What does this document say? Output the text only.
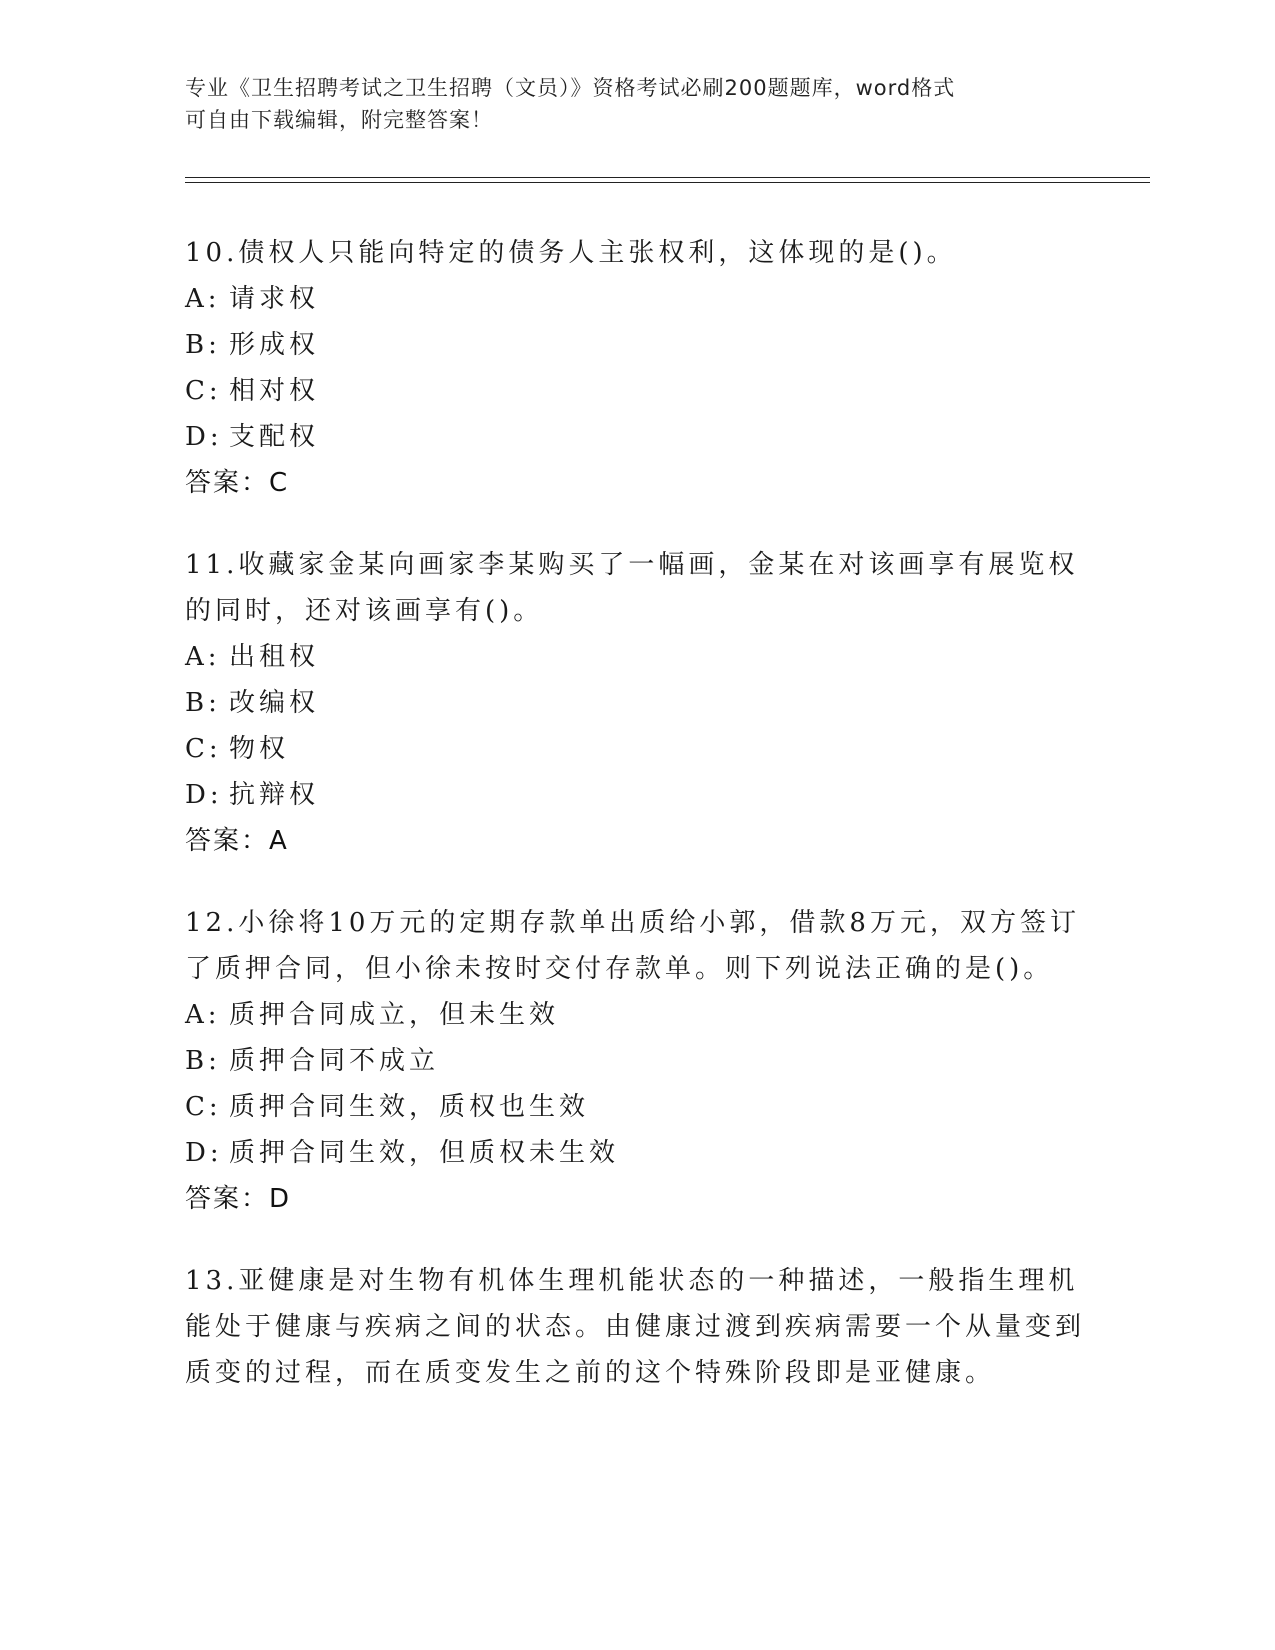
专业《卫生招聘考试之卫生招聘（文员）》资格考试必刷200题题库，word格式
可自由下载编辑，附完整答案！

10.债权人只能向特定的债务人主张权利，这体现的是()。

A: 请求权

B: 形成权

C: 相对权

D: 支配权

答案：C

11.收藏家金某向画家李某购买了一幅画，金某在对该画享有展览权的同时，还对该画享有()。

A: 出租权

B: 改编权

C: 物权

D: 抗辩权

答案：A

12.小徐将10万元的定期存款单出质给小郭，借款8万元，双方签订了质押合同，但小徐未按时交付存款单。则下列说法正确的是()。

A: 质押合同成立，但未生效

B: 质押合同不成立

C: 质押合同生效，质权也生效

D: 质押合同生效，但质权未生效

答案：D

13.亚健康是对生物有机体生理机能状态的一种描述，一般指生理机能处于健康与疾病之间的状态。由健康过渡到疾病需要一个从量变到质变的过程，而在质变发生之前的这个特殊阶段即是亚健康。
